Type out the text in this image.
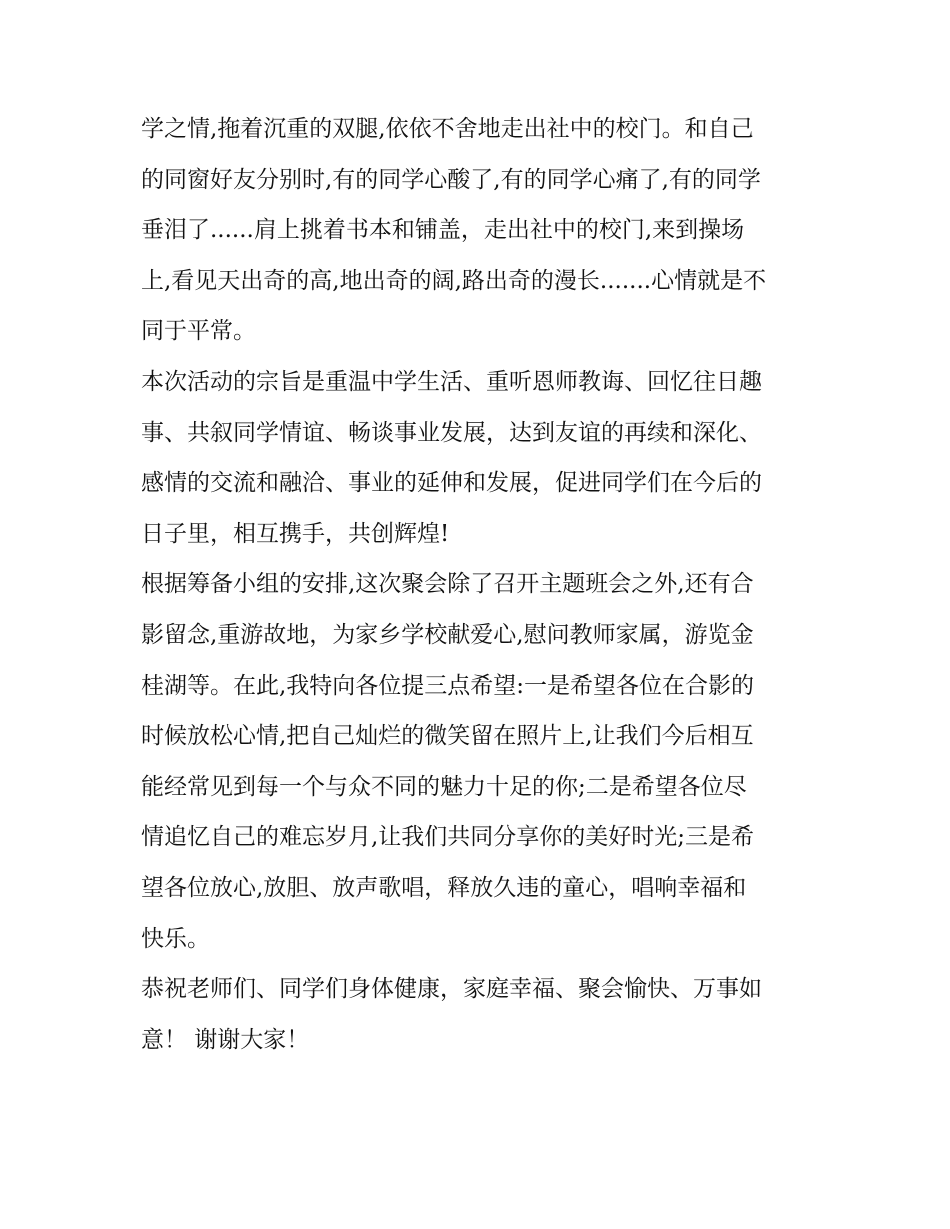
学之情,拖着沉重的双腿,依依不舍地走出社中的校门。和自己
的同窗好友分别时,有的同学心酸了,有的同学心痛了,有的同学
垂泪了......肩上挑着书本和铺盖，走出社中的校门,来到操场
上,看见天出奇的高,地出奇的阔,路出奇的漫长.......心情就是不
同于平常。
本次活动的宗旨是重温中学生活、重听恩师教诲、回忆往日趣
事、共叙同学情谊、畅谈事业发展，达到友谊的再续和深化、
感情的交流和融洽、事业的延伸和发展，促进同学们在今后的
日子里，相互携手，共创辉煌!
根据筹备小组的安排,这次聚会除了召开主题班会之外,还有合
影留念,重游故地，为家乡学校献爱心,慰问教师家属，游览金
桂湖等。在此,我特向各位提三点希望:一是希望各位在合影的
时候放松心情,把自己灿烂的微笑留在照片上,让我们今后相互
能经常见到每一个与众不同的魅力十足的你;二是希望各位尽
情追忆自己的难忘岁月,让我们共同分享你的美好时光;三是希
望各位放心,放胆、放声歌唱，释放久违的童心，唱响幸福和
快乐。
恭祝老师们、同学们身体健康，家庭幸福、聚会愉快、万事如
意！ 谢谢大家！
